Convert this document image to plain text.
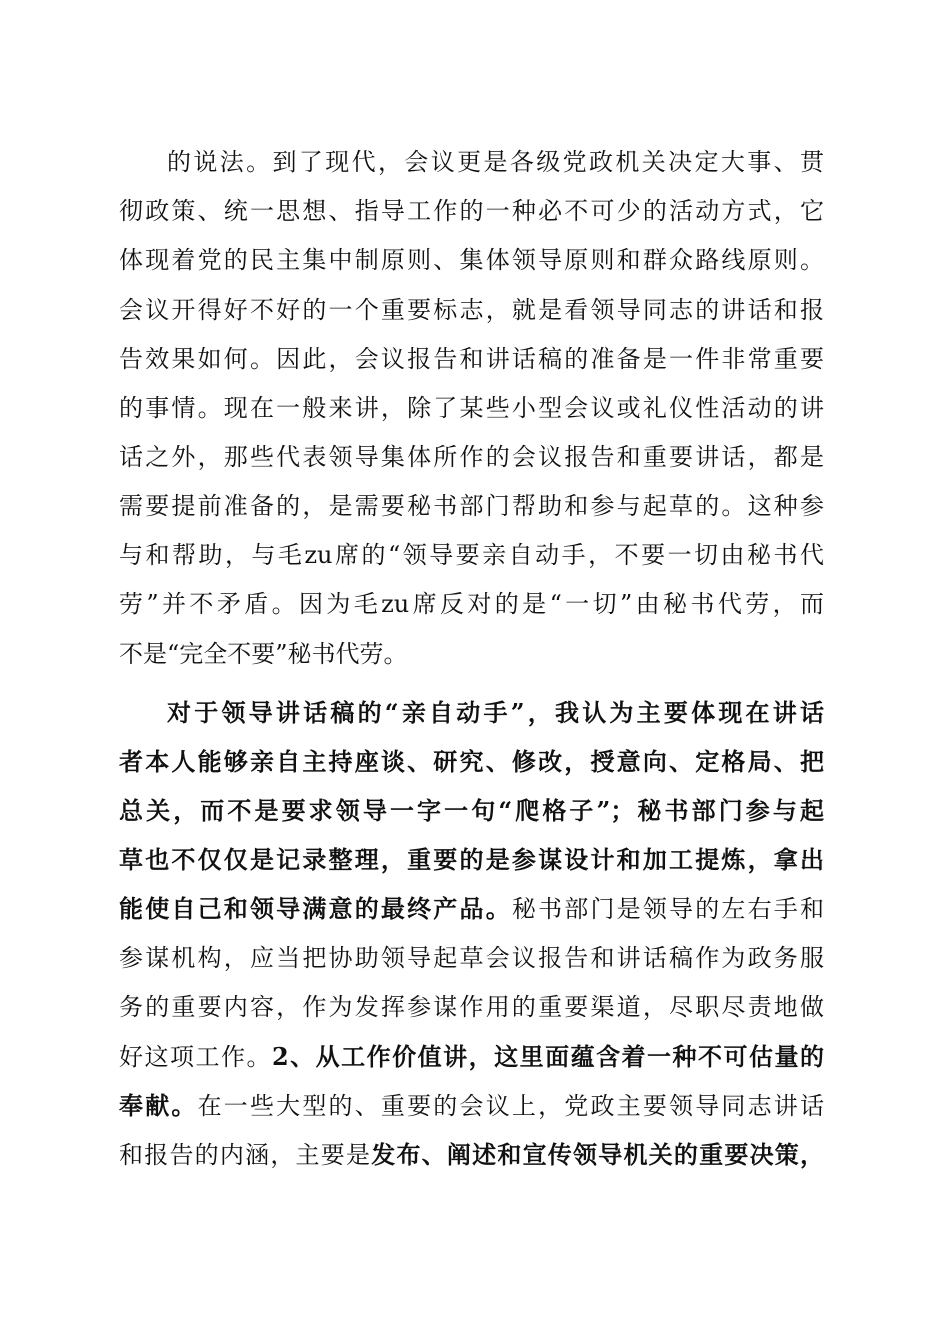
的说法。到了现代，会议更是各级党政机关决定大事、贯
彻政策、统一思想、指导工作的一种必不可少的活动方式，它
体现着党的民主集中制原则、集体领导原则和群众路线原则。
会议开得好不好的一个重要标志，就是看领导同志的讲话和报
告效果如何。因此，会议报告和讲话稿的准备是一件非常重要
的事情。现在一般来讲，除了某些小型会议或礼仪性活动的讲
话之外，那些代表领导集体所作的会议报告和重要讲话，都是
需要提前准备的，是需要秘书部门帮助和参与起草的。这种参
与和帮助，与毛zu席的“领导要亲自动手，不要一切由秘书代
劳”并不矛盾。因为毛zu席反对的是“一切”由秘书代劳，而
不是“完全不要”秘书代劳。
对于领导讲话稿的“亲自动手”，我认为主要体现在讲话
者本人能够亲自主持座谈、研究、修改，授意向、定格局、把
总关，而不是要求领导一字一句“爬格子”；秘书部门参与起
草也不仅仅是记录整理，重要的是参谋设计和加工提炼，拿出
能使自己和领导满意的最终产品。秘书部门是领导的左右手和
参谋机构，应当把协助领导起草会议报告和讲话稿作为政务服
务的重要内容，作为发挥参谋作用的重要渠道，尽职尽责地做
好这项工作。2、从工作价值讲，这里面蕴含着一种不可估量的
奉献。在一些大型的、重要的会议上，党政主要领导同志讲话
和报告的内涵，主要是发布、阐述和宣传领导机关的重要决策，
